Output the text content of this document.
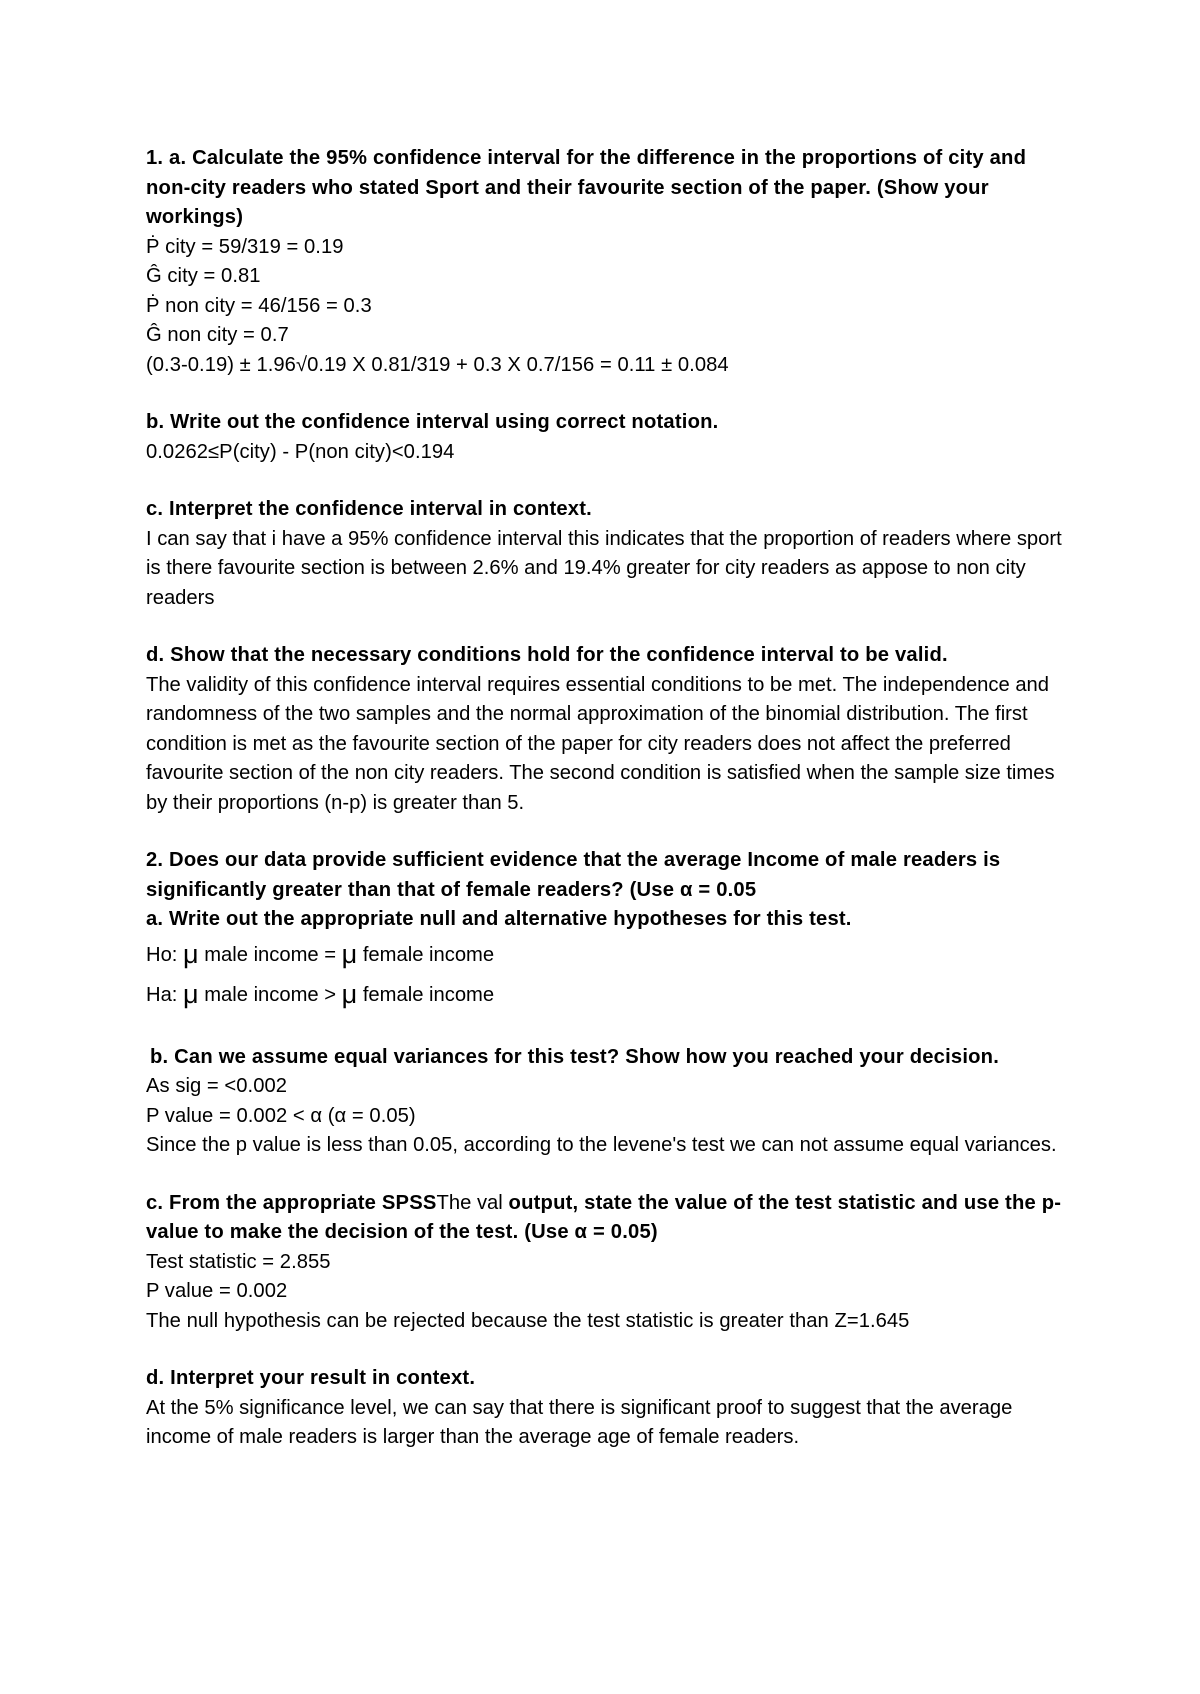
1. a. Calculate the 95% confidence interval for the difference in the proportions of city and non-city readers who stated Sport and their favourite section of the paper. (Show your workings)

Ṗ city = 59/319 = 0.19

Ĝ city = 0.81

Ṗ non city = 46/156 = 0.3

Ĝ non city = 0.7

(0.3-0.19) ± 1.96√0.19 X 0.81/319 + 0.3 X 0.7/156 = 0.11 ± 0.084

b. Write out the confidence interval using correct notation.

0.0262≤P(city) - P(non city)<0.194

c. Interpret the confidence interval in context.

I can say that i have a 95% confidence interval this indicates that the proportion of readers where sport is there favourite section is between 2.6% and 19.4% greater for city readers as appose to non city readers

d. Show that the necessary conditions hold for the confidence interval to be valid.

The validity of this confidence interval requires essential conditions to be met. The independence and randomness of the two samples and the normal approximation of the binomial distribution. The first condition is met as the favourite section of the paper for city readers does not affect the preferred favourite section of the non city readers. The second condition is satisfied when the sample size times by their proportions (n-p) is greater than 5.

2. Does our data provide sufficient evidence that the average Income of male readers is significantly greater than that of female readers? (Use α = 0.05

a. Write out the appropriate null and alternative hypotheses for this test.

Ho: μ male income = μ female income

Ha: μ male income > μ female income

b. Can we assume equal variances for this test? Show how you reached your decision.

As sig = <0.002

P value = 0.002 < α (α = 0.05)

Since the p value is less than 0.05, according to the levene's test we can not assume equal variances.

c. From the appropriate SPSSThe val output, state the value of the test statistic and use the p-value to make the decision of the test. (Use α = 0.05)

Test statistic = 2.855

P value = 0.002

The null hypothesis can be rejected because the test statistic is greater than Z=1.645

d. Interpret your result in context.

At the 5% significance level, we can say that there is significant proof to suggest that the average income of male readers is larger than the average age of female readers.
